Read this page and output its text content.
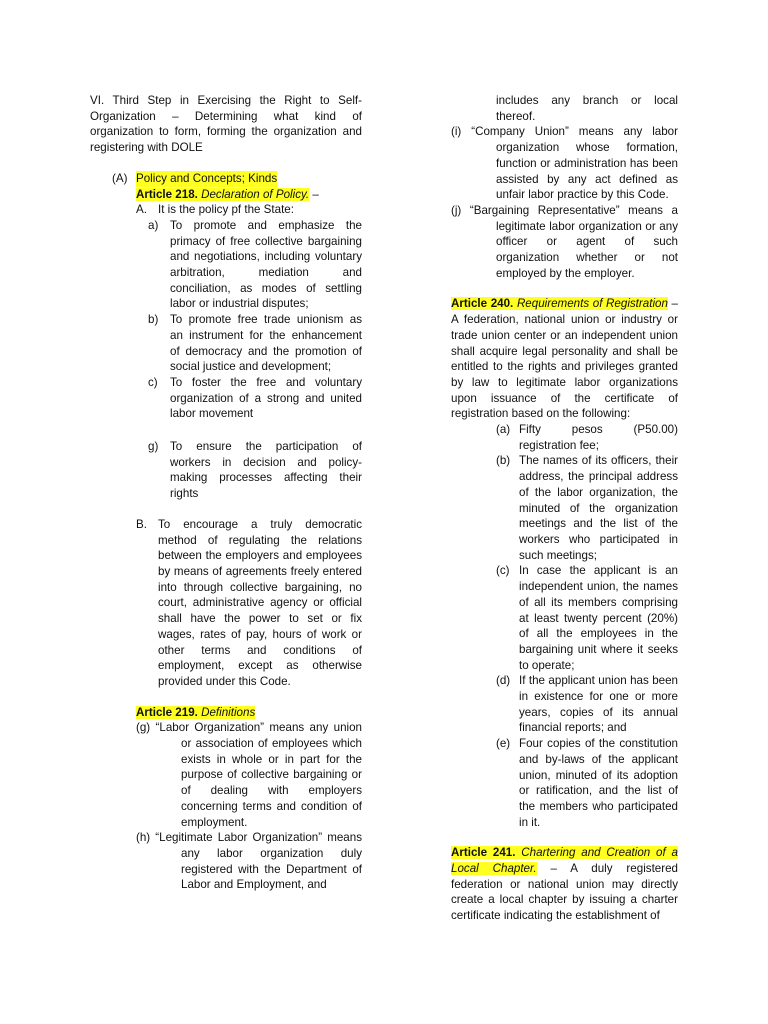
VI. Third Step in Exercising the Right to Self-Organization – Determining what kind of organization to form, forming the organization and registering with DOLE

(A) Policy and Concepts; Kinds

Article 218. Declaration of Policy. –

A. It is the policy pf the State:
a)	To promote and emphasize the primacy of free collective bargaining and negotiations, including voluntary arbitration, mediation and conciliation, as modes of settling labor or industrial disputes;
b)	To promote free trade unionism as an instrument for the enhancement of democracy and the promotion of social justice and development;
c)	To foster the free and voluntary organization of a strong and united labor movement
g)	To ensure the participation of workers in decision and policy-making processes affecting their rights
B. To encourage a truly democratic method of regulating the relations between the employers and employees by means of agreements freely entered into through collective bargaining, no court, administrative agency or official shall have the power to set or fix wages, rates of pay, hours of work or other terms and conditions of employment, except as otherwise provided under this Code.

Article 219. Definitions

(g) “Labor Organization” means any union or association of employees which exists in whole or in part for the purpose of collective bargaining or of dealing with employers concerning terms and condition of employment.

(h) “Legitimate Labor Organization” means any labor organization duly registered with the Department of Labor and Employment, and

includes any branch or local thereof.

(i) “Company Union” means any labor organization whose formation, function or administration has been assisted by any act defined as unfair labor practice by this Code.

(j) “Bargaining Representative” means a legitimate labor organization or any officer or agent of such organization whether or not employed by the employer.

Article 240. Requirements of Registration – A federation, national union or industry or trade union center or an independent union shall acquire legal personality and shall be entitled to the rights and privileges granted by law to legitimate labor organizations upon issuance of the certificate of registration based on the following:

(a) Fifty pesos (P50.00) registration fee;
(b) The names of its officers, their address, the principal address of the labor organization, the minuted of the organization meetings and the list of the workers who participated in such meetings;
(c) In case the applicant is an independent union, the names of all its members comprising at least twenty percent (20%) of all the employees in the bargaining unit where it seeks to operate;
(d) If the applicant union has been in existence for one or more years, copies of its annual financial reports; and
(e) Four copies of the constitution and by-laws of the applicant union, minuted of its adoption or ratification, and the list of the members who participated in it.

Article 241. Chartering and Creation of a Local Chapter. – A duly registered federation or national union may directly create a local chapter by issuing a charter certificate indicating the establishment of
